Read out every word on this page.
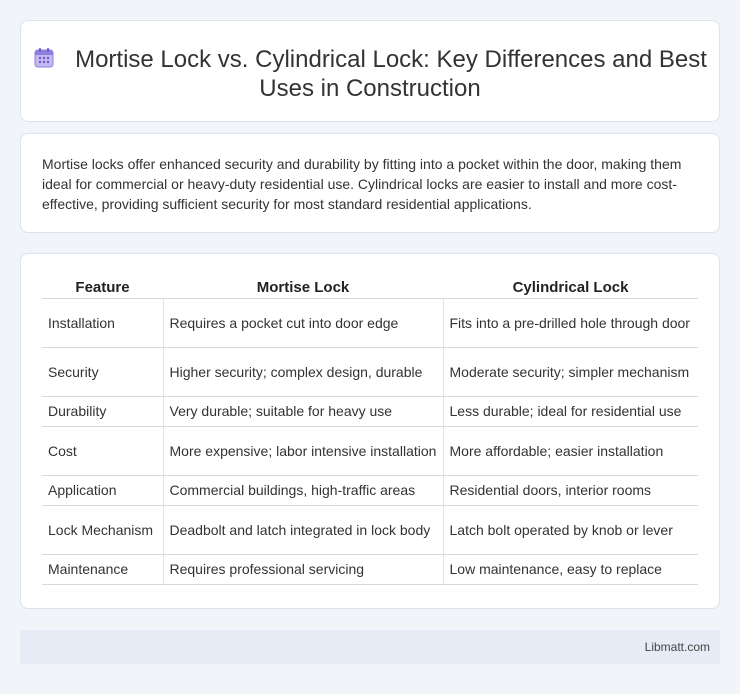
Mortise Lock vs. Cylindrical Lock: Key Differences and Best Uses in Construction

Mortise locks offer enhanced security and durability by fitting into a pocket within the door, making them ideal for commercial or heavy-duty residential use. Cylindrical locks are easier to install and more cost-effective, providing sufficient security for most standard residential applications.

Feature	Mortise Lock	Cylindrical Lock
Installation	Requires a pocket cut into door edge	Fits into a pre-drilled hole through door
Security	Higher security; complex design, durable	Moderate security; simpler mechanism
Durability	Very durable; suitable for heavy use	Less durable; ideal for residential use
Cost	More expensive; labor intensive installation	More affordable; easier installation
Application	Commercial buildings, high-traffic areas	Residential doors, interior rooms
Lock Mechanism	Deadbolt and latch integrated in lock body	Latch bolt operated by knob or lever
Maintenance	Requires professional servicing	Low maintenance, easy to replace
Libmatt.com
